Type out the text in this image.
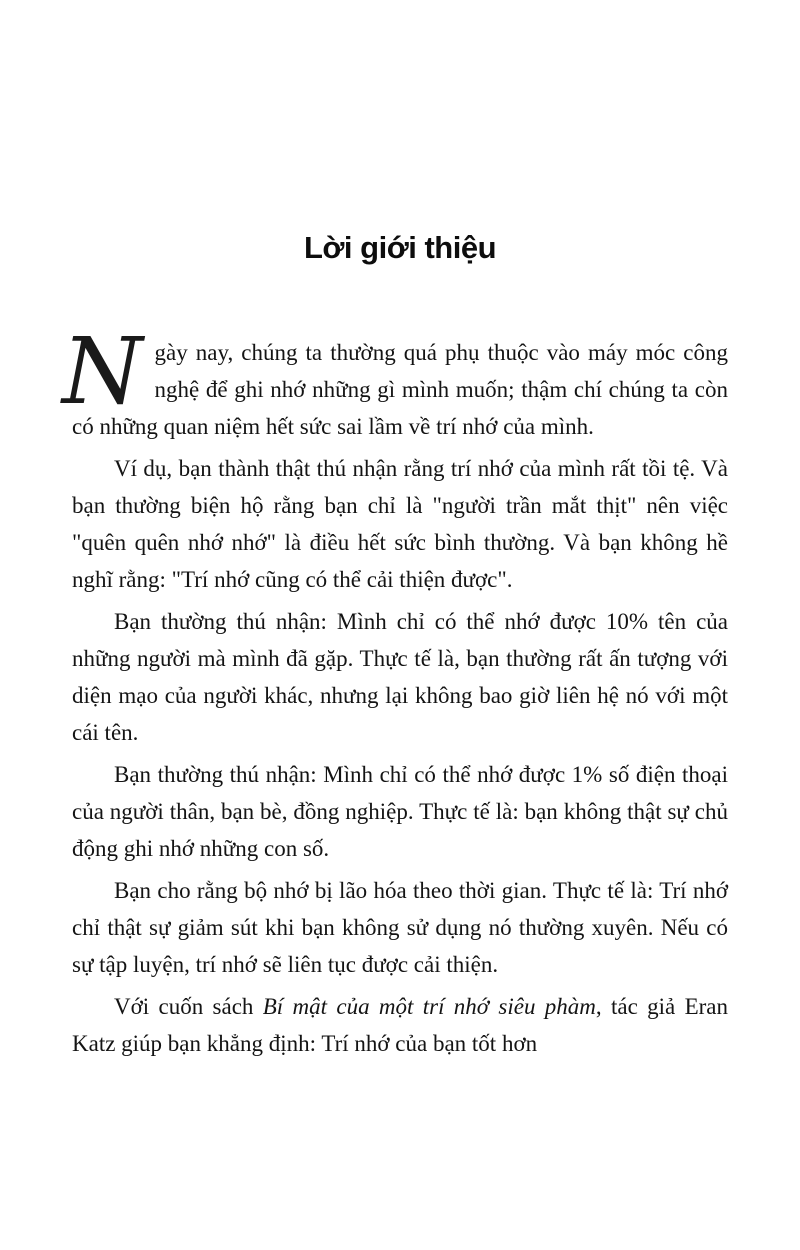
Lời giới thiệu

Ngày nay, chúng ta thường quá phụ thuộc vào máy móc công nghệ để ghi nhớ những gì mình muốn; thậm chí chúng ta còn có những quan niệm hết sức sai lầm về trí nhớ của mình.

Ví dụ, bạn thành thật thú nhận rằng trí nhớ của mình rất tồi tệ. Và bạn thường biện hộ rằng bạn chỉ là "người trần mắt thịt" nên việc "quên quên nhớ nhớ" là điều hết sức bình thường. Và bạn không hề nghĩ rằng: "Trí nhớ cũng có thể cải thiện được".

Bạn thường thú nhận: Mình chỉ có thể nhớ được 10% tên của những người mà mình đã gặp. Thực tế là, bạn thường rất ấn tượng với diện mạo của người khác, nhưng lại không bao giờ liên hệ nó với một cái tên.

Bạn thường thú nhận: Mình chỉ có thể nhớ được 1% số điện thoại của người thân, bạn bè, đồng nghiệp. Thực tế là: bạn không thật sự chủ động ghi nhớ những con số.

Bạn cho rằng bộ nhớ bị lão hóa theo thời gian. Thực tế là: Trí nhớ chỉ thật sự giảm sút khi bạn không sử dụng nó thường xuyên. Nếu có sự tập luyện, trí nhớ sẽ liên tục được cải thiện.

Với cuốn sách Bí mật của một trí nhớ siêu phàm, tác giả Eran Katz giúp bạn khẳng định: Trí nhớ của bạn tốt hơn
